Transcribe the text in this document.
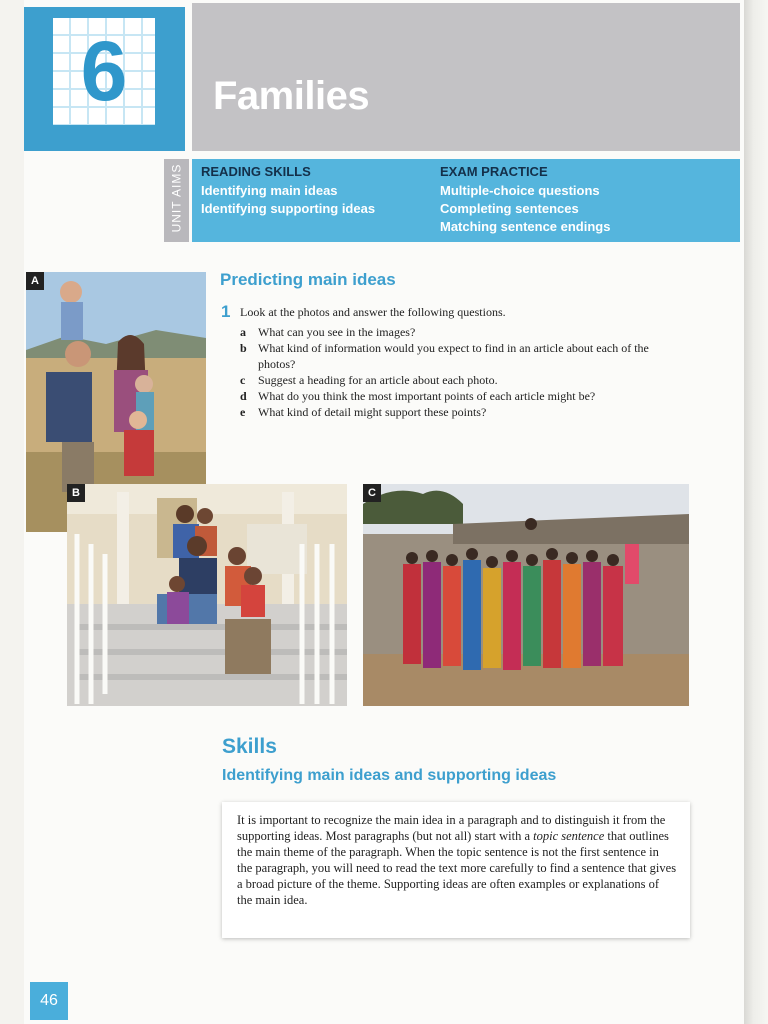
6	Families
UNIT AIMS READING SKILLS
Identifying main ideas
Identifying supporting ideas
EXAM PRACTICE
Multiple-choice questions
Completing sentences
Matching sentence endings
A	Predicting main ideas
1 Look at the photos and answer the following questions.
a What can you see in the images?
b What kind of information would you expect to find in an article about each of the photos?
c Suggest a heading for an article about each photo.
d What do you think the most important points of each article might be?
e What kind of detail might support these points?
B	C
Skills
Identifying main ideas and supporting ideas
It is important to recognize the main idea in a paragraph and to distinguish it from the supporting ideas. Most paragraphs (but not all) start with a topic sentence that outlines the main theme of the paragraph. When the topic sentence is not the first sentence in the paragraph, you will need to read the text more carefully to find a sentence that gives a broad picture of the theme. Supporting ideas are often examples or explanations of the main idea.
46
